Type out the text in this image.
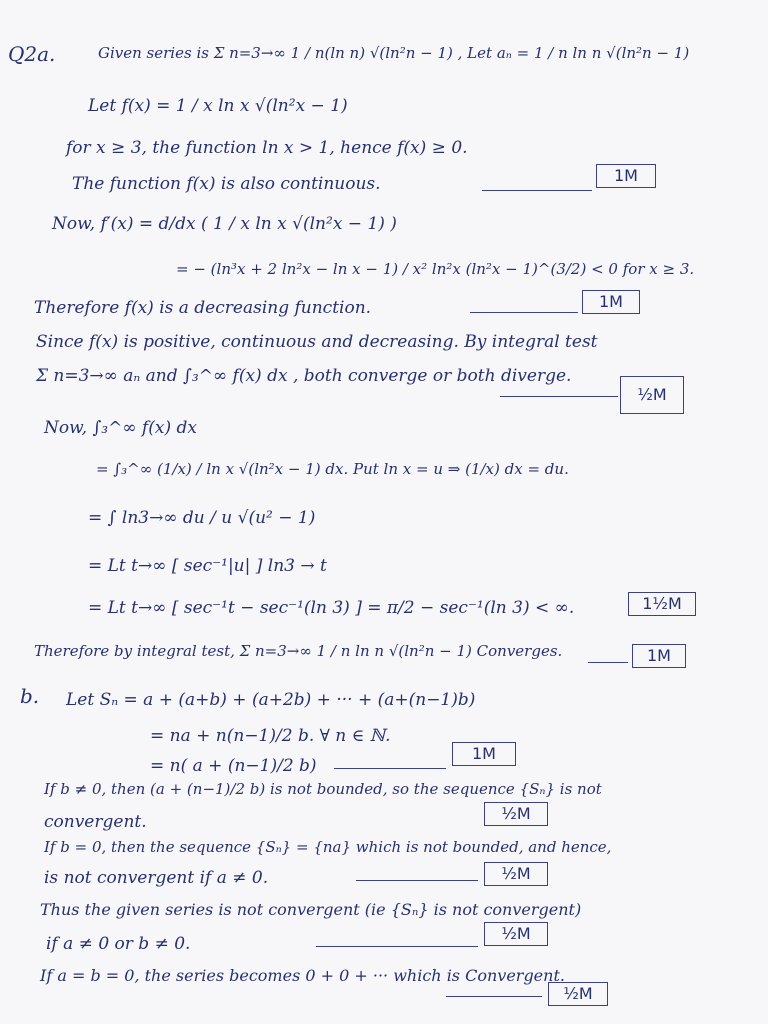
Q2a.	Given series is Σ n=3→∞ 1 / n(ln n) √(ln²n − 1) , Let aₙ = 1 / n ln n √(ln²n − 1)
Let f(x) = 1 / x ln x √(ln²x − 1)
for x ≥ 3, the function ln x > 1, hence f(x) ≥ 0.
The function f(x) is also continuous.	1M
Now, f′(x) = d/dx ( 1 / x ln x √(ln²x − 1) )
= − (ln³x + 2 ln²x − ln x − 1) / x² ln²x (ln²x − 1)^(3/2) < 0 for x ≥ 3.
Therefore f(x) is a decreasing function.	1M
Since f(x) is positive, continuous and decreasing. By integral test
Σ n=3→∞ aₙ and ∫₃^∞ f(x) dx , both converge or both diverge.
½M
Now, ∫₃^∞ f(x) dx
= ∫₃^∞ (1/x) / ln x √(ln²x − 1) dx. Put ln x = u ⇒ (1/x) dx = du.
= ∫ ln3→∞ du / u √(u² − 1)
= Lt t→∞ [ sec⁻¹|u| ] ln3 → t
= Lt t→∞ [ sec⁻¹t − sec⁻¹(ln 3) ] = π/2 − sec⁻¹(ln 3) < ∞.	1½M
Therefore by integral test, Σ n=3→∞ 1 / n ln n √(ln²n − 1) Converges.	1M
b. Let Sₙ = a + (a+b) + (a+2b) + ··· + (a+(n−1)b)
= na + n(n−1)/2 b. ∀ n ∈ ℕ.
= n( a + (n−1)/2 b)
1M
If b ≠ 0, then (a + (n−1)/2 b) is not bounded, so the sequence {Sₙ} is not
convergent.	½M
If b = 0, then the sequence {Sₙ} = {na} which is not bounded, and hence,
is not convergent if a ≠ 0.	½M
Thus the given series is not convergent (ie {Sₙ} is not convergent)
if a ≠ 0 or b ≠ 0.
½M
If a = b = 0, the series becomes 0 + 0 + ··· which is Convergent.
½M
